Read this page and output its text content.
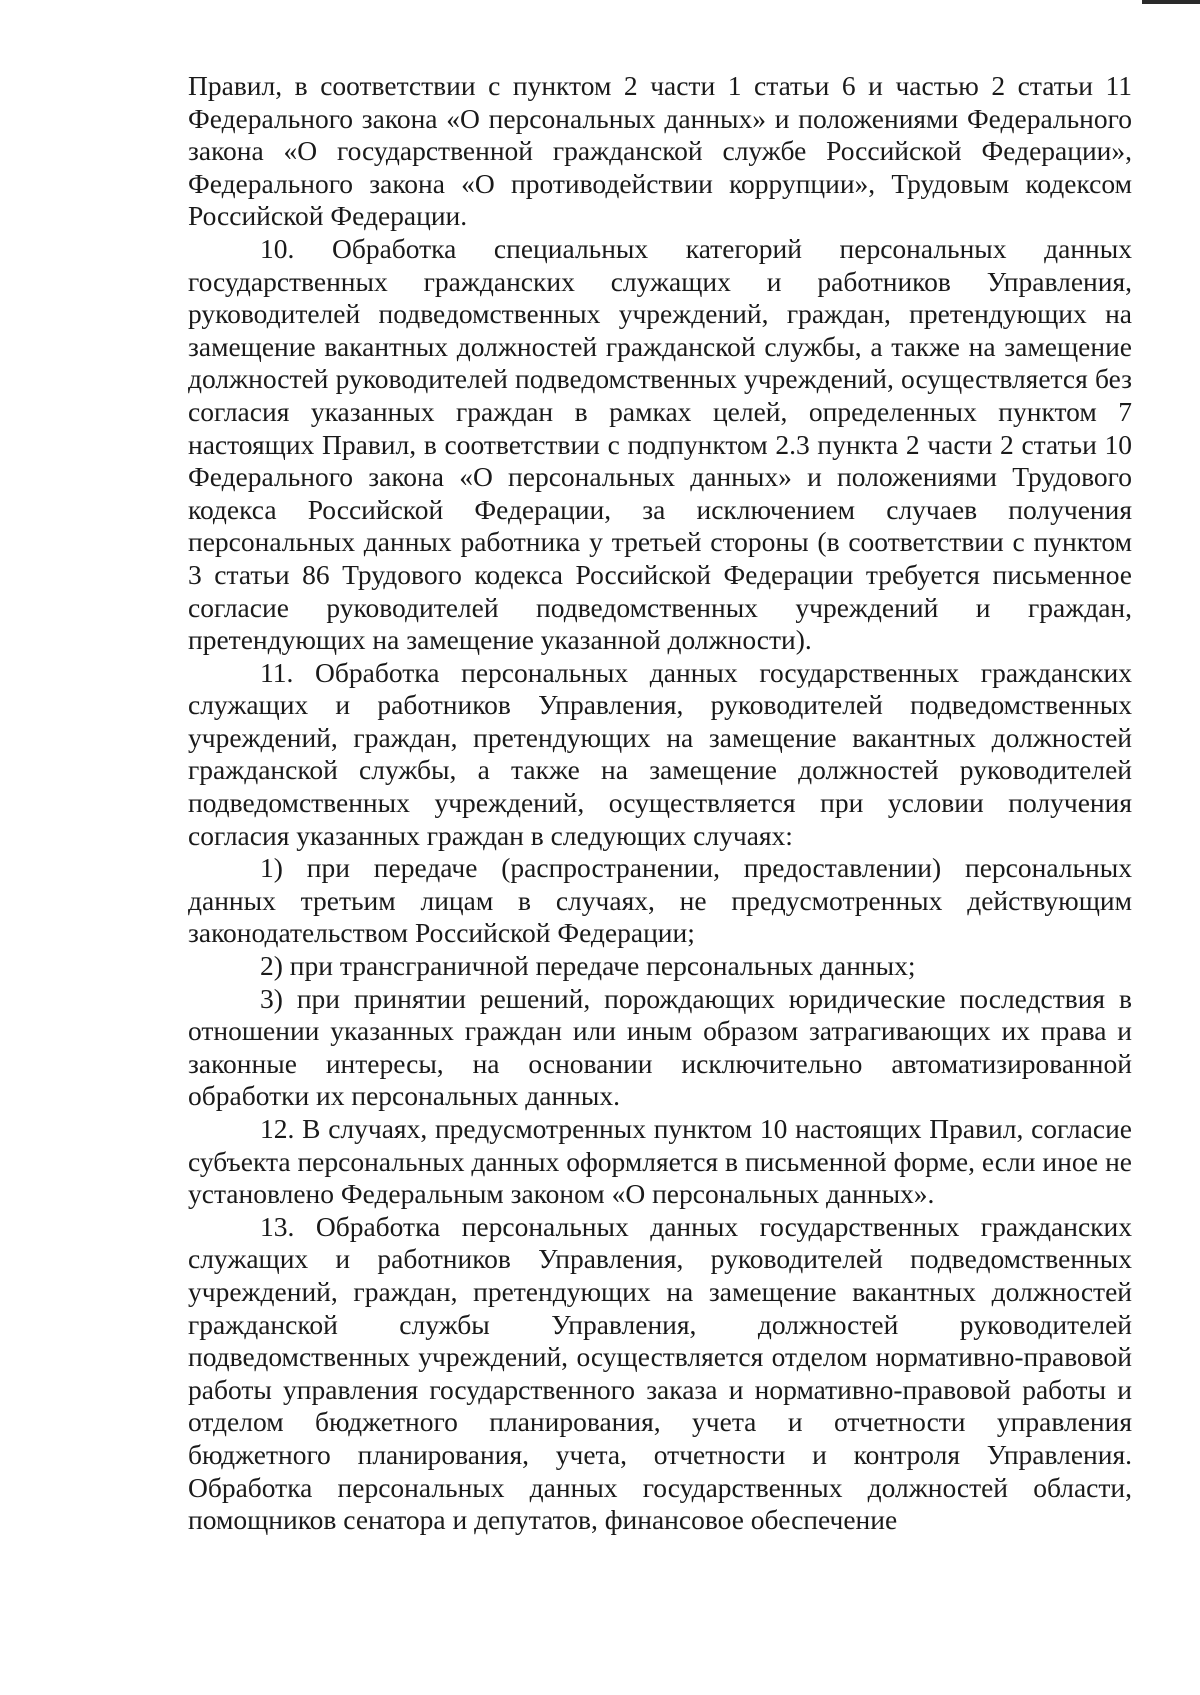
Правил, в соответствии с пунктом 2 части 1 статьи 6 и частью 2 статьи 11 Федерального закона «О персональных данных» и положениями Федерального закона «О государственной гражданской службе Российской Федерации», Федерального закона «О противодействии коррупции», Трудовым кодексом Российской Федерации.

10. Обработка специальных категорий персональных данных государственных гражданских служащих и работников Управления, руководителей подведомственных учреждений, граждан, претендующих на замещение вакантных должностей гражданской службы, а также на замещение должностей руководителей подведомственных учреждений, осуществляется без согласия указанных граждан в рамках целей, определенных пунктом 7 настоящих Правил, в соответствии с подпунктом 2.3 пункта 2 части 2 статьи 10 Федерального закона «О персональных данных» и положениями Трудового кодекса Российской Федерации, за исключением случаев получения персональных данных работника у третьей стороны (в соответствии с пунктом 3 статьи 86 Трудового кодекса Российской Федерации требуется письменное согласие руководителей подведомственных учреждений и граждан, претендующих на замещение указанной должности).

11. Обработка персональных данных государственных гражданских служащих и работников Управления, руководителей подведомственных учреждений, граждан, претендующих на замещение вакантных должностей гражданской службы, а также на замещение должностей руководителей подведомственных учреждений, осуществляется при условии получения согласия указанных граждан в следующих случаях:

1) при передаче (распространении, предоставлении) персональных данных третьим лицам в случаях, не предусмотренных действующим законодательством Российской Федерации;

2) при трансграничной передаче персональных данных;

3) при принятии решений, порождающих юридические последствия в отношении указанных граждан или иным образом затрагивающих их права и законные интересы, на основании исключительно автоматизированной обработки их персональных данных.

12. В случаях, предусмотренных пунктом 10 настоящих Правил, согласие субъекта персональных данных оформляется в письменной форме, если иное не установлено Федеральным законом «О персональных данных».

13. Обработка персональных данных государственных гражданских служащих и работников Управления, руководителей подведомственных учреждений, граждан, претендующих на замещение вакантных должностей гражданской службы Управления, должностей руководителей подведомственных учреждений, осуществляется отделом нормативно-правовой работы управления государственного заказа и нормативно-правовой работы и отделом бюджетного планирования, учета и отчетности управления бюджетного планирования, учета, отчетности и контроля Управления. Обработка персональных данных государственных должностей области, помощников сенатора и депутатов, финансовое обеспечение
